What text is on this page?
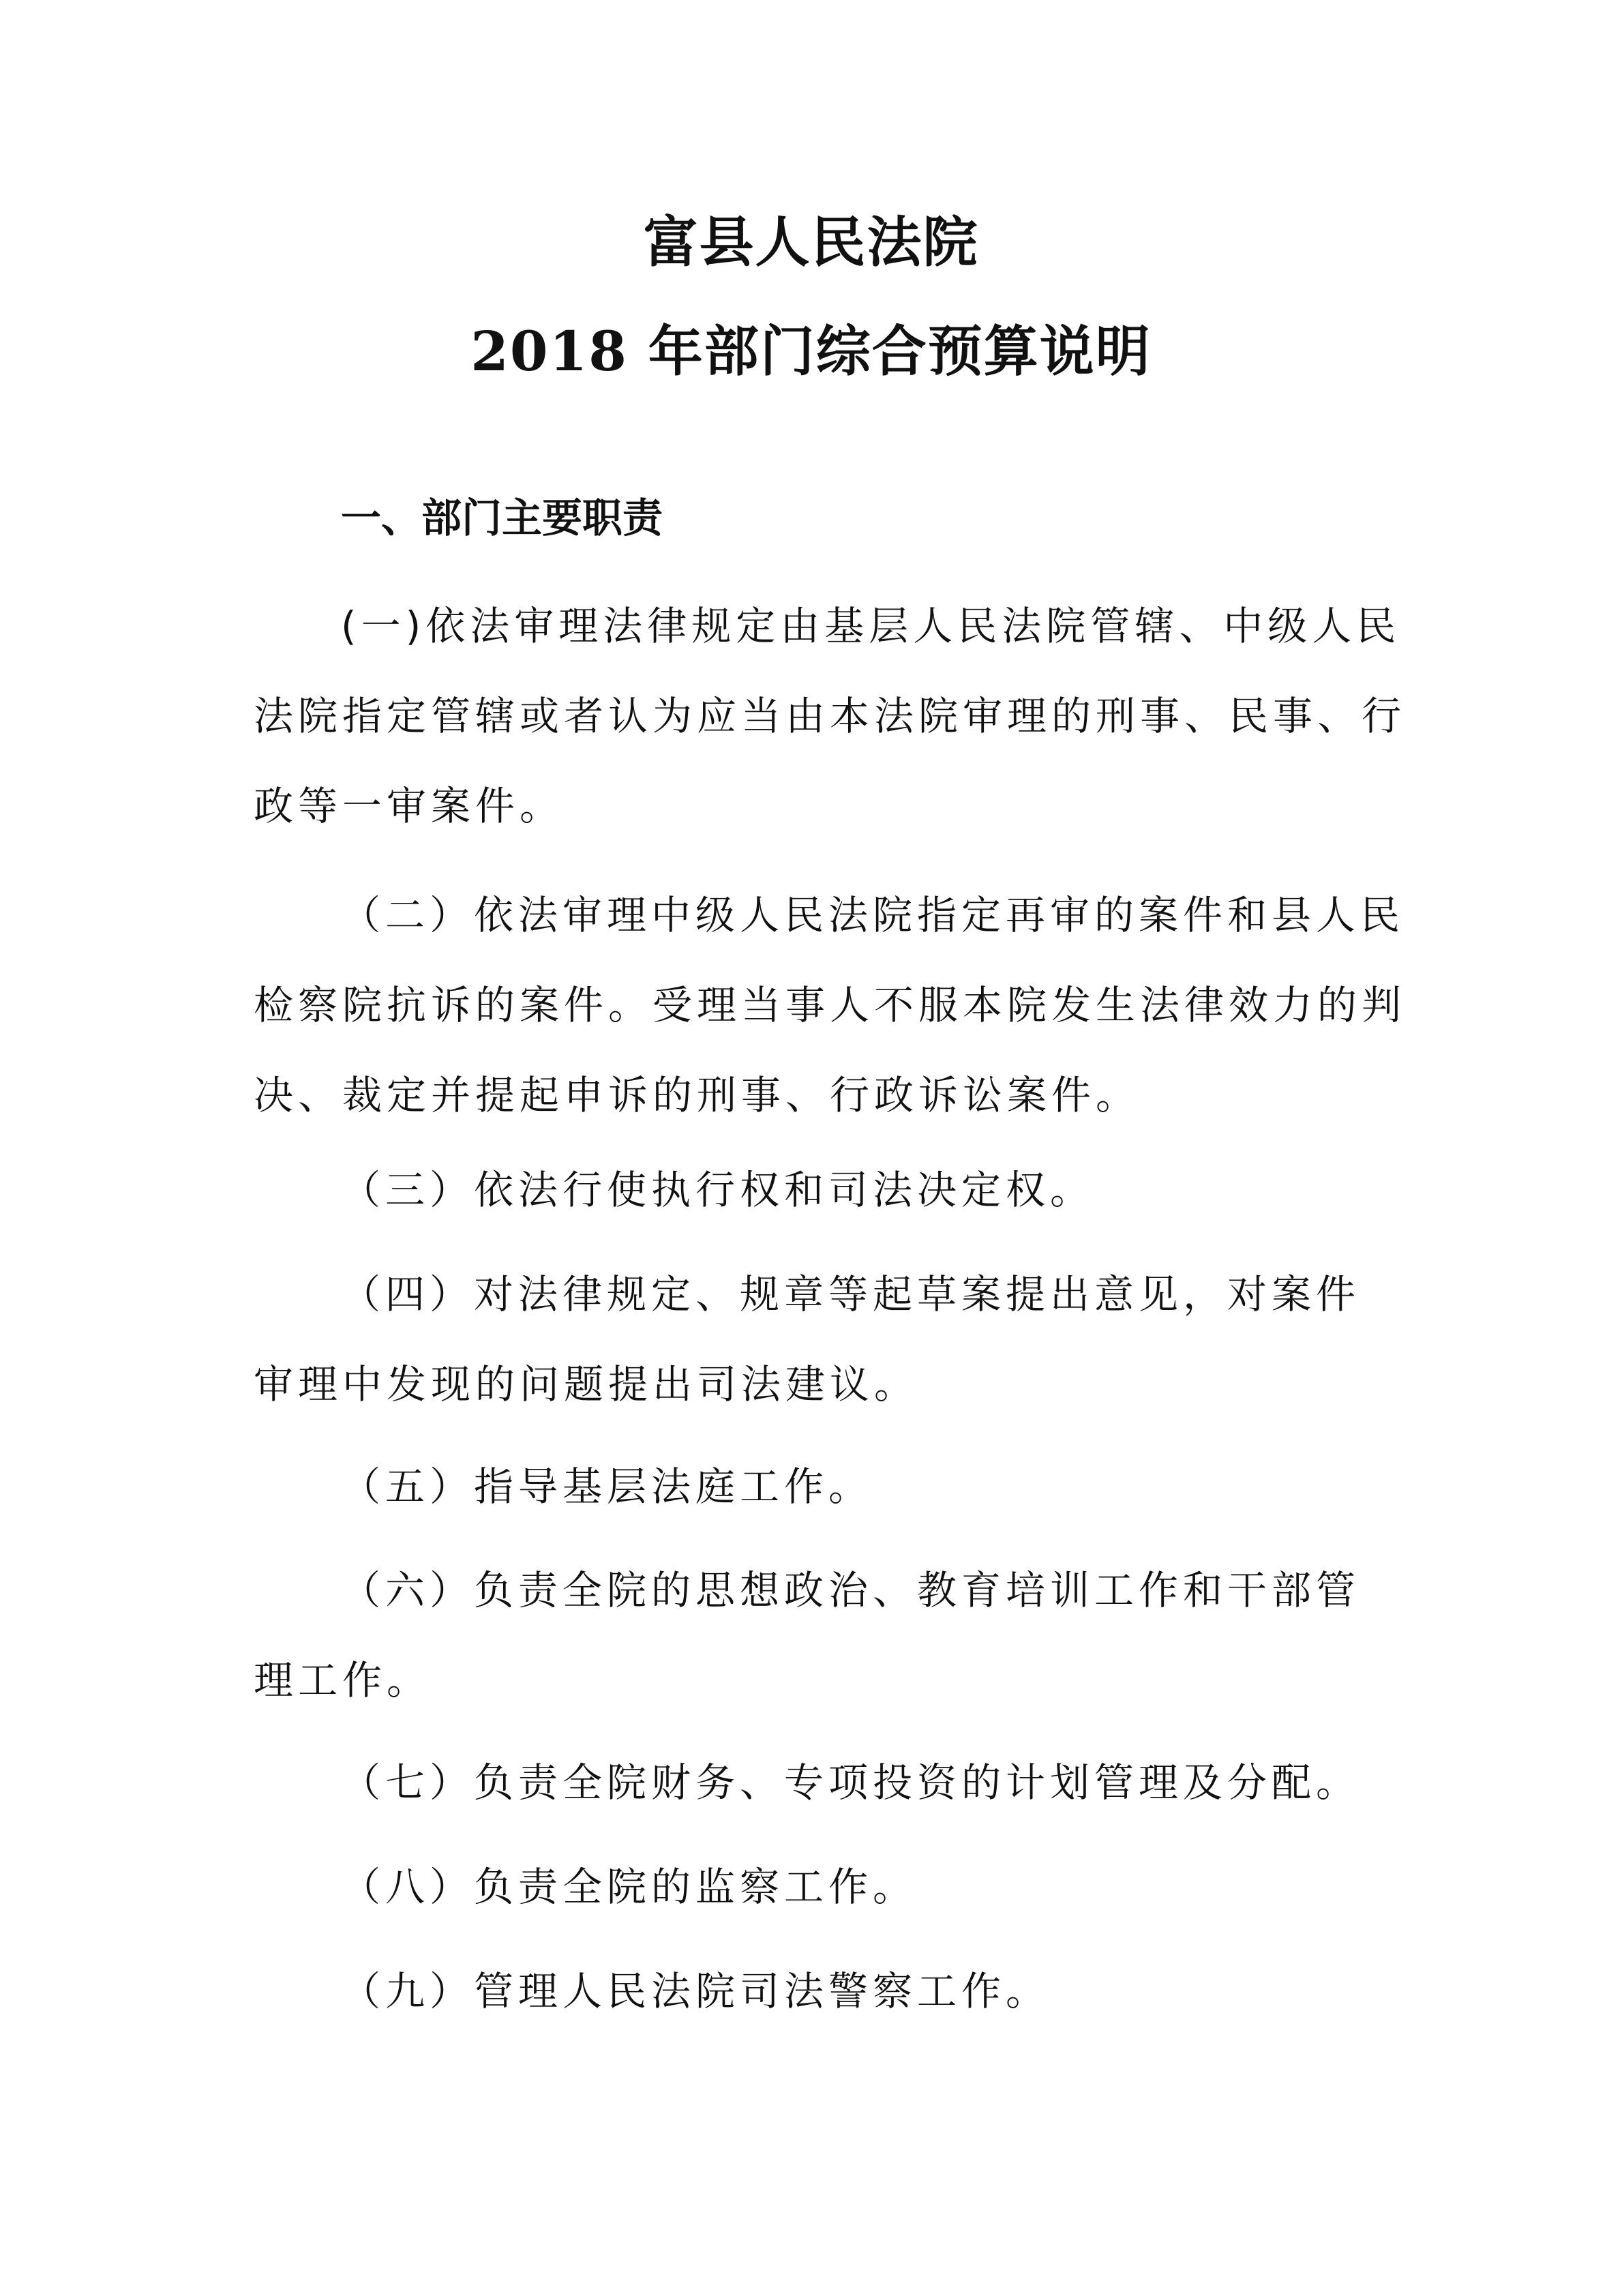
富县人民法院
2018 年部门综合预算说明
一、部门主要职责
(一)依法审理法律规定由基层人民法院管辖、中级人民
法院指定管辖或者认为应当由本法院审理的刑事、民事、行
政等一审案件。
（二）依法审理中级人民法院指定再审的案件和县人民
检察院抗诉的案件。受理当事人不服本院发生法律效力的判
决、裁定并提起申诉的刑事、行政诉讼案件。
（三）依法行使执行权和司法决定权。
（四）对法律规定、规章等起草案提出意见，对案件
审理中发现的问题提出司法建议。
（五）指导基层法庭工作。
（六）负责全院的思想政治、教育培训工作和干部管
理工作。
（七）负责全院财务、专项投资的计划管理及分配。
（八）负责全院的监察工作。
（九）管理人民法院司法警察工作。
